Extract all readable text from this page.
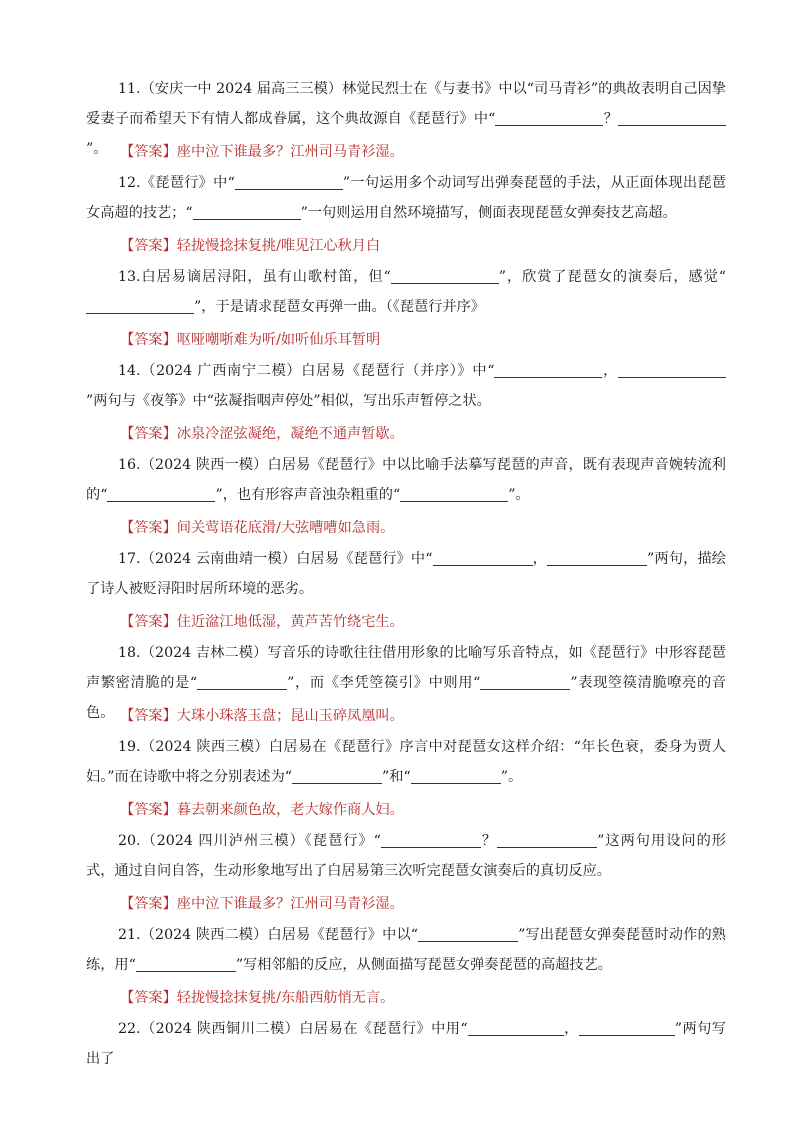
11.（安庆一中 2024 届高三三模）林觉民烈士在《与妻书》中以“司马青衫”的典故表明自己因挚爱妻子而希望天下有情人都成眷属，这个典故源自《琵琶行》中“	？”。 【答案】座中泣下谁最多？江州司马青衫湿。

12.《琵琶行》中“	”一句运用多个动词写出弹奏琵琶的手法，从正面体现出琵琶女高超的技艺；“	”一句则运用自然环境描写，侧面表现琵琶女弹奏技艺高超。

【答案】轻拢慢捻抹复挑/唯见江心秋月白

13.白居易谪居浔阳，虽有山歌村笛，但“	”，欣赏了琵琶女的演奏后，感觉“”，于是请求琵琶女再弹一曲。（《琵琶行并序》

【答案】呕哑嘲哳难为听/如听仙乐耳暂明

14.（2024 广西南宁二模）白居易《琵琶行（并序）》中“	，”两句与《夜筝》中“弦凝指咽声停处”相似，写出乐声暂停之状。

【答案】冰泉冷涩弦凝绝，凝绝不通声暂歇。

16.（2024 陕西一模）白居易《琵琶行》中以比喻手法摹写琵琶的声音，既有表现声音婉转流利的“	”，也有形容声音浊杂粗重的“	”。

【答案】间关莺语花底滑/大弦嘈嘈如急雨。

17.（2024 云南曲靖一模）白居易《琵琶行》中“	，	”两句，描绘了诗人被贬浔阳时居所环境的恶劣。

【答案】住近湓江地低湿，黄芦苦竹绕宅生。

18.（2024 吉林二模）写音乐的诗歌往往借用形象的比喻写乐音特点，如《琵琶行》中形容琵琶声繁密清脆的是“	”，而《李凭箜篌引》中则用“	”表现箜篌清脆嘹亮的音色。 【答案】大珠小珠落玉盘；昆山玉碎凤凰叫。

19.（2024 陕西三模）白居易在《琵琶行》序言中对琵琶女这样介绍：“年长色衰，委身为贾人妇。”而在诗歌中将之分别表述为“	”和“	”。

【答案】暮去朝来颜色故，老大嫁作商人妇。

20.（2024 四川泸州三模）《琵琶行》“	？	”这两句用设问的形式，通过自问自答，生动形象地写出了白居易第三次听完琵琶女演奏后的真切反应。

【答案】座中泣下谁最多？江州司马青衫湿。

21.（2024 陕西二模）白居易《琵琶行》中以“	”写出琵琶女弹奏琵琶时动作的熟练，用“	”写相邻船的反应，从侧面描写琵琶女弹奏琵琶的高超技艺。

【答案】轻拢慢捻抹复挑/东船西舫悄无言。

22.（2024 陕西铜川二模）白居易在《琵琶行》中用“	，	”两句写出了
